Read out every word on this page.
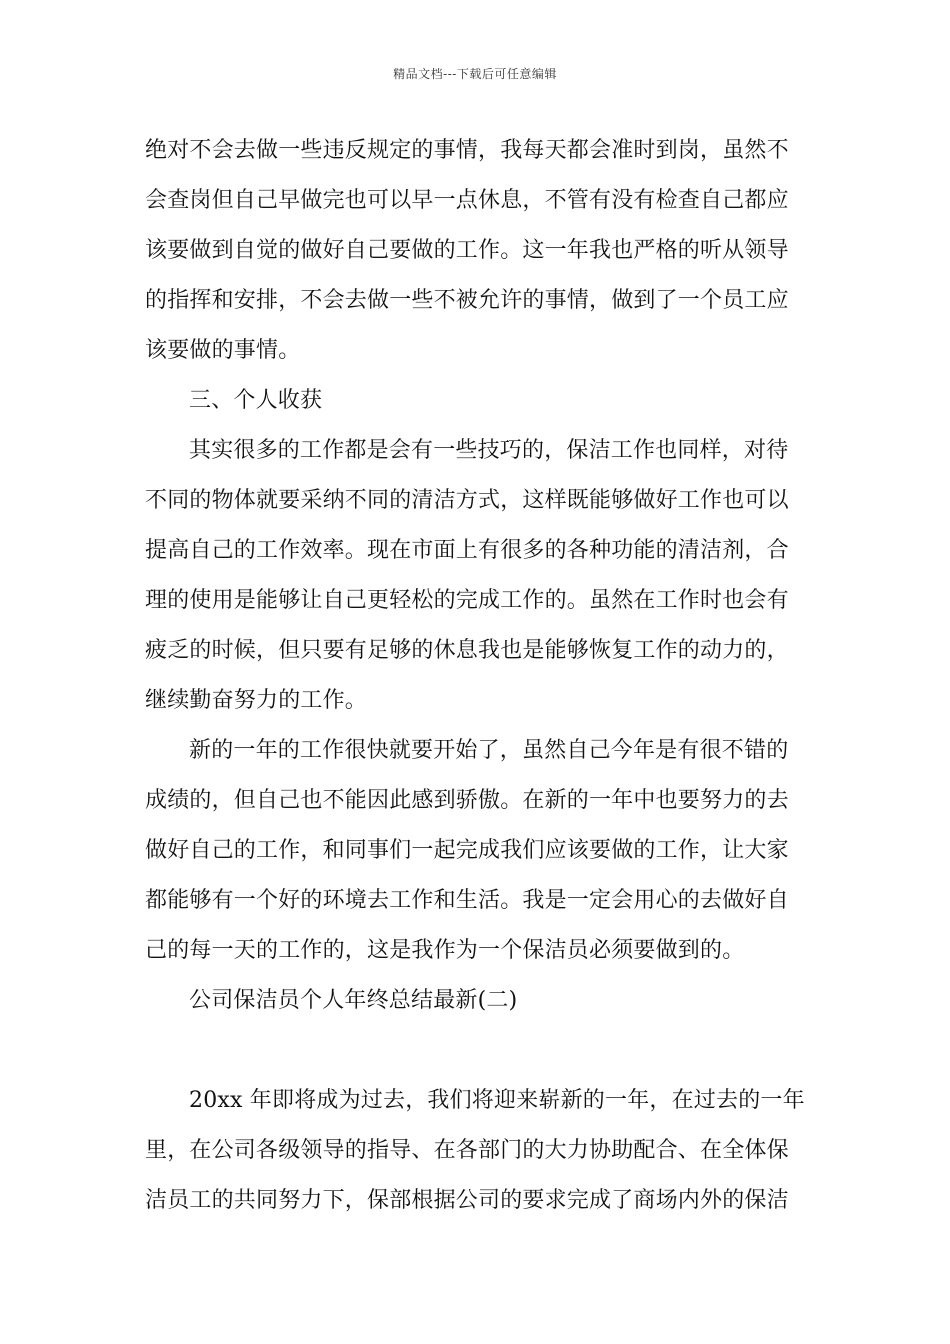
精品文档---下载后可任意编辑
绝对不会去做一些违反规定的事情，我每天都会准时到岗，虽然不
会查岗但自己早做完也可以早一点休息，不管有没有检查自己都应
该要做到自觉的做好自己要做的工作。这一年我也严格的听从领导
的指挥和安排，不会去做一些不被允许的事情，做到了一个员工应
该要做的事情。
三、个人收获
其实很多的工作都是会有一些技巧的，保洁工作也同样，对待
不同的物体就要采纳不同的清洁方式，这样既能够做好工作也可以
提高自己的工作效率。现在市面上有很多的各种功能的清洁剂，合
理的使用是能够让自己更轻松的完成工作的。虽然在工作时也会有
疲乏的时候，但只要有足够的休息我也是能够恢复工作的动力的，
继续勤奋努力的工作。
新的一年的工作很快就要开始了，虽然自己今年是有很不错的
成绩的，但自己也不能因此感到骄傲。在新的一年中也要努力的去
做好自己的工作，和同事们一起完成我们应该要做的工作，让大家
都能够有一个好的环境去工作和生活。我是一定会用心的去做好自
己的每一天的工作的，这是我作为一个保洁员必须要做到的。
公司保洁员个人年终总结最新(二)
20xx 年即将成为过去，我们将迎来崭新的一年，在过去的一年
里，在公司各级领导的指导、在各部门的大力协助配合、在全体保
洁员工的共同努力下，保部根据公司的要求完成了商场内外的保洁
